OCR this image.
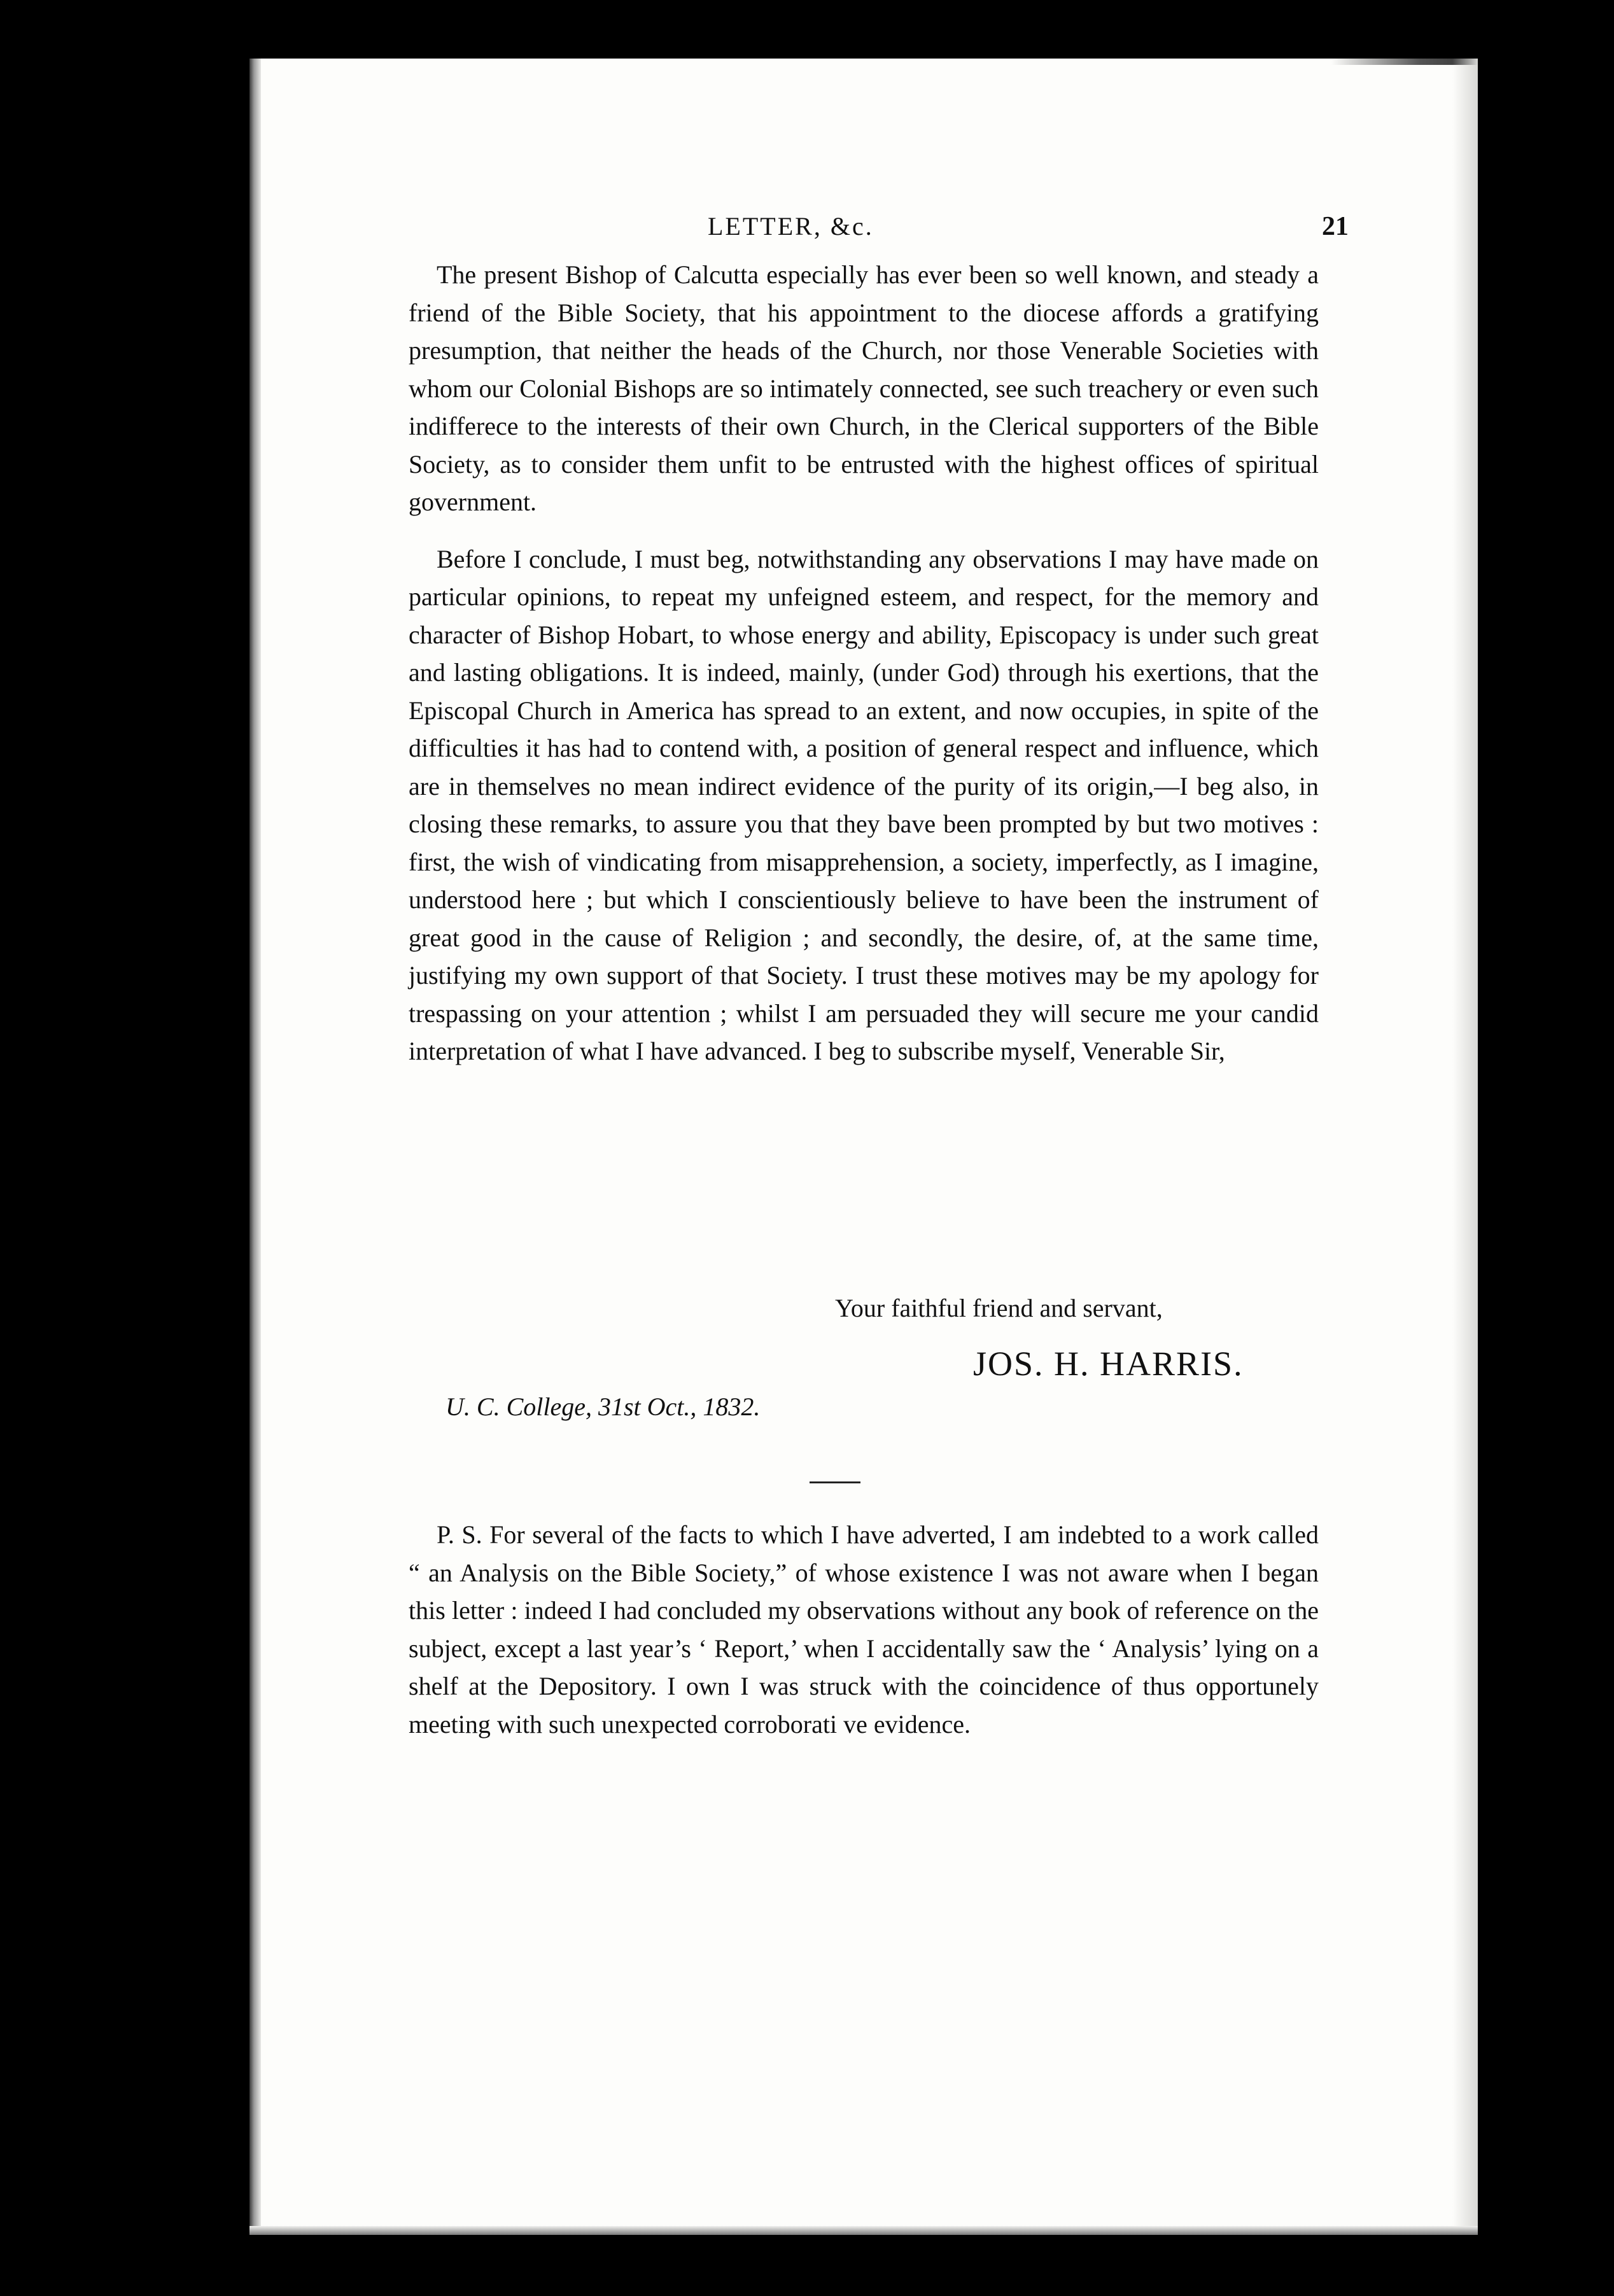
LETTER, &c.	21

The present Bishop of Calcutta especially has ever been so well known, and steady a friend of the Bible Society, that his appointment to the diocese affords a gratifying presumption, that neither the heads of the Church, nor those Venerable Societies with whom our Colonial Bishops are so intimately connected, see such treachery or even such indifferece to the interests of their own Church, in the Clerical supporters of the Bible Society, as to consider them unfit to be entrusted with the highest offices of spiritual government.

Before I conclude, I must beg, notwithstanding any observations I may have made on particular opinions, to repeat my unfeigned esteem, and respect, for the memory and character of Bishop Hobart, to whose energy and ability, Episcopacy is under such great and lasting obligations. It is indeed, mainly, (under God) through his exertions, that the Episcopal Church in America has spread to an extent, and now occupies, in spite of the difficulties it has had to contend with, a position of general respect and influence, which are in themselves no mean indirect evidence of the purity of its origin,—I beg also, in closing these remarks, to assure you that they bave been prompted by but two motives : first, the wish of vindicating from misapprehension, a society, imperfectly, as I imagine, understood here ; but which I conscientiously believe to have been the instrument of great good in the cause of Religion ; and secondly, the desire, of, at the same time, justifying my own support of that Society. I trust these motives may be my apology for trespassing on your attention ; whilst I am persuaded they will secure me your candid interpretation of what I have advanced. I beg to subscribe myself, Venerable Sir,

Your faithful friend and servant,

JOS. H. HARRIS.

U. C. College, 31st Oct., 1832.

P. S. For several of the facts to which I have adverted, I am indebted to a work called “ an Analysis on the Bible Society,” of whose existence I was not aware when I began this letter : indeed I had concluded my observations without any book of reference on the subject, except a last year’s ‘ Report,’ when I accidentally saw the ‘ Analysis’ lying on a shelf at the Depository. I own I was struck with the coincidence of thus opportunely meeting with such unexpected corroborati ve evidence.
